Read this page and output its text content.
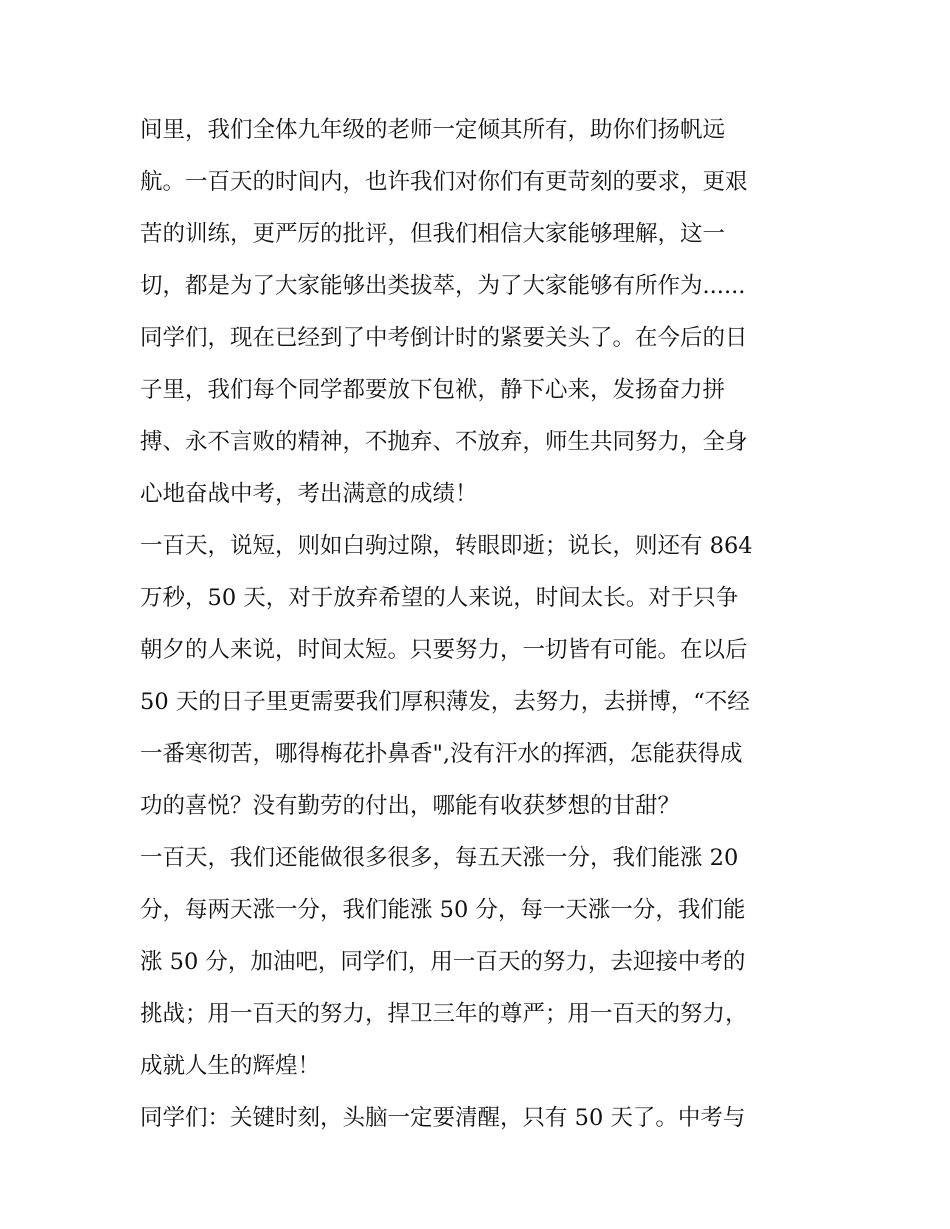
间里，我们全体九年级的老师一定倾其所有，助你们扬帆远
航。一百天的时间内，也许我们对你们有更苛刻的要求，更艰
苦的训练，更严厉的批评，但我们相信大家能够理解，这一
切，都是为了大家能够出类拔萃，为了大家能够有所作为......
同学们，现在已经到了中考倒计时的紧要关头了。在今后的日
子里，我们每个同学都要放下包袱，静下心来，发扬奋力拼
搏、永不言败的精神，不抛弃、不放弃，师生共同努力，全身
心地奋战中考，考出满意的成绩！
一百天，说短，则如白驹过隙，转眼即逝；说长，则还有 864
万秒，50 天，对于放弃希望的人来说，时间太长。对于只争
朝夕的人来说，时间太短。只要努力，一切皆有可能。在以后
50 天的日子里更需要我们厚积薄发，去努力，去拼博，“不经
一番寒彻苦，哪得梅花扑鼻香",没有汗水的挥洒，怎能获得成
功的喜悦？没有勤劳的付出，哪能有收获梦想的甘甜？
一百天，我们还能做很多很多，每五天涨一分，我们能涨 20
分，每两天涨一分，我们能涨 50 分，每一天涨一分，我们能
涨 50 分，加油吧，同学们，用一百天的努力，去迎接中考的
挑战；用一百天的努力，捍卫三年的尊严；用一百天的努力，
成就人生的辉煌！
同学们：关键时刻，头脑一定要清醒，只有 50 天了。中考与
